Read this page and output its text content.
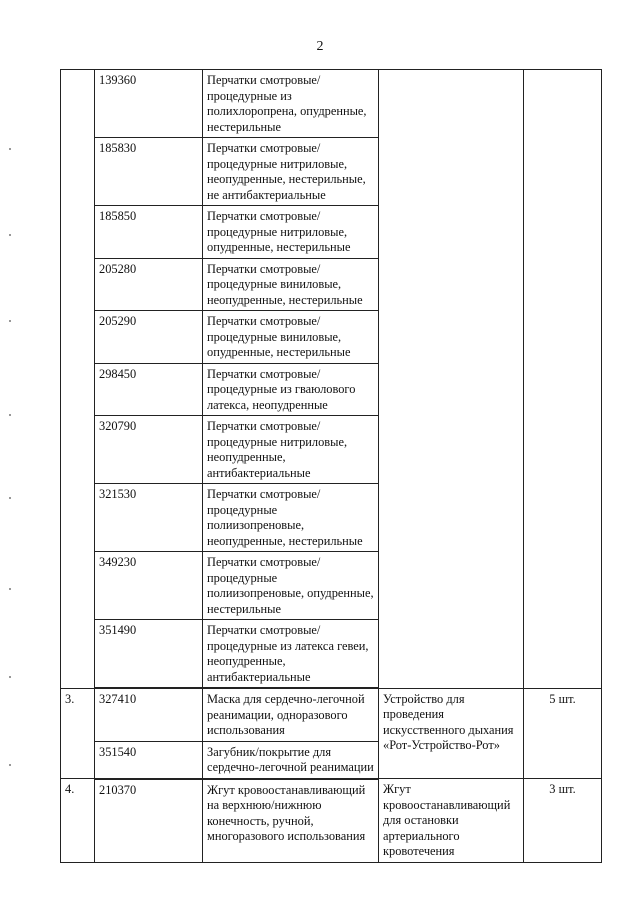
2
	139360	Перчатки смотровые/ процедурные из полихлоропрена, опудренные, нестерильные		
	185830	Перчатки смотровые/ процедурные нитриловые, неопудренные, нестерильные, не антибактериальные		
	185850	Перчатки смотровые/ процедурные нитриловые, опудренные, нестерильные		
	205280	Перчатки смотровые/ процедурные виниловые, неопудренные, нестерильные		
	205290	Перчатки смотровые/ процедурные виниловые, опудренные, нестерильные		
	298450	Перчатки смотровые/ процедурные из гваюлового латекса, неопудренные		
	320790	Перчатки смотровые/ процедурные нитриловые, неопудренные, антибактериальные		
	321530	Перчатки смотровые/ процедурные полиизопреновые, неопудренные, нестерильные		
	349230	Перчатки смотровые/ процедурные полиизопреновые, опудренные, нестерильные		
	351490	Перчатки смотровые/ процедурные из латекса гевеи, неопудренные, антибактериальные		
3.	327410	Маска для сердечно-легочной реанимации, одноразового использования	Устройство для проведения искусственного дыхания «Рот-Устройство-Рот»	5 шт.
	351540	Загубник/покрытие для сердечно-легочной реанимации		
4.	210370	Жгут кровоостанавливающий на верхнюю/нижнюю конечность, ручной, многоразового использования	Жгут кровоостанавливающий для остановки артериального кровотечения	3 шт.
